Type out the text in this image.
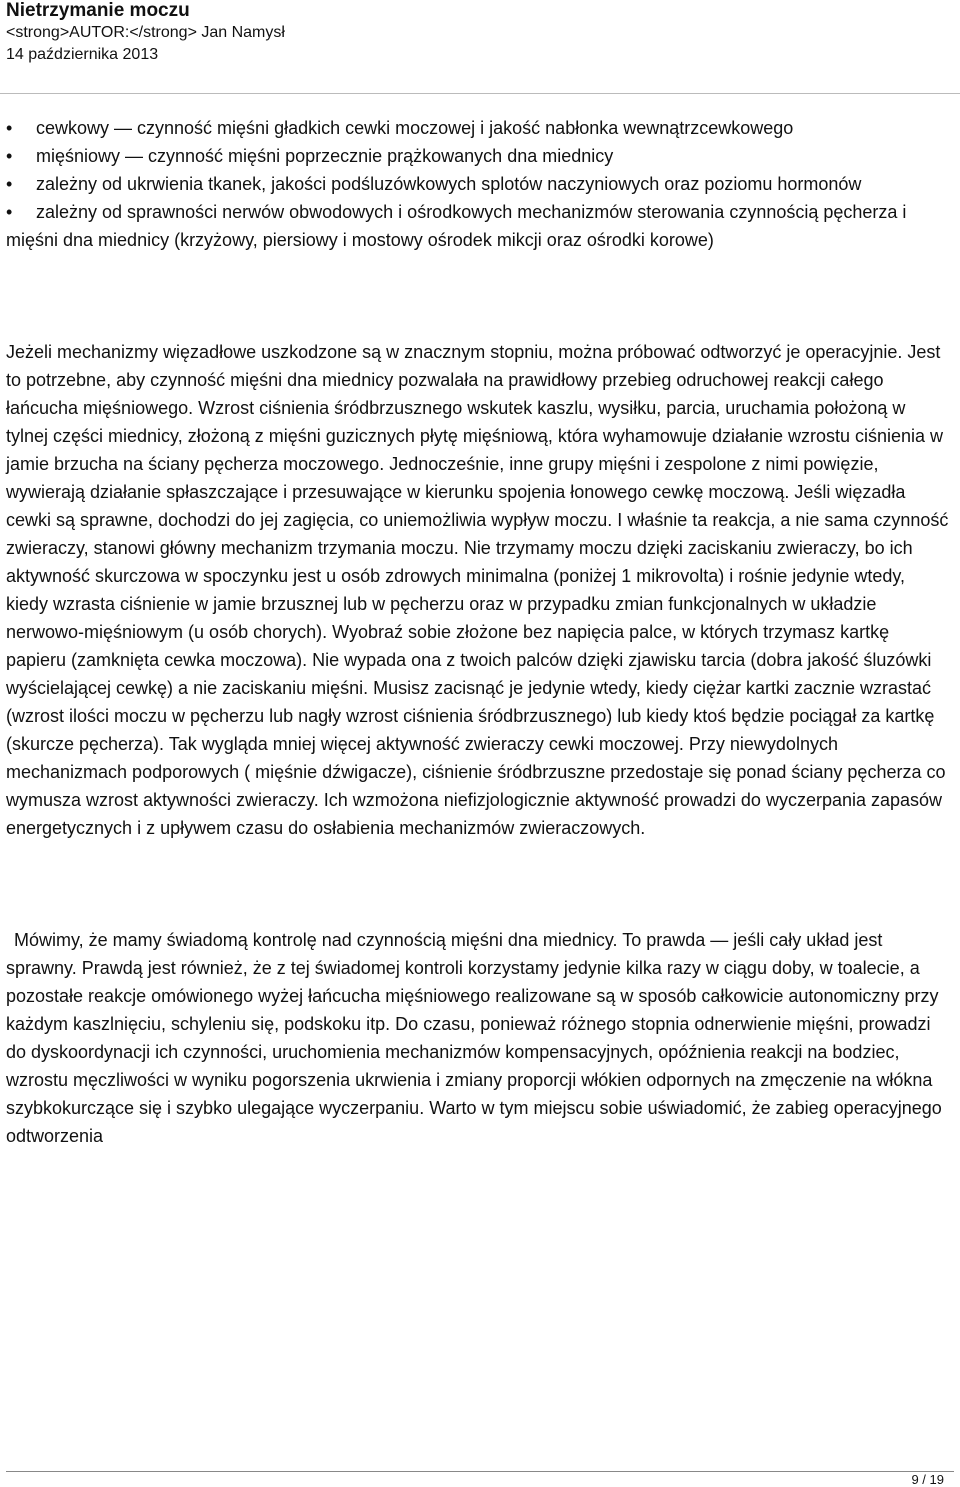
Nietrzymanie moczu
<strong>AUTOR:</strong> Jan Namysł
14 października 2013
•	cewkowy — czynność mięśni gładkich cewki moczowej i jakość nabłonka wewnątrzcewkowego
•	mięśniowy — czynność mięśni poprzecznie prążkowanych dna miednicy
•	zależny od ukrwienia tkanek, jakości podśluzówkowych splotów naczyniowych oraz poziomu hormonów
•	zależny od sprawności nerwów obwodowych i ośrodkowych mechanizmów sterowania czynnością pęcherza i mięśni dna miednicy (krzyżowy, piersiowy i mostowy ośrodek mikcji oraz ośrodki korowe)

Jeżeli mechanizmy więzadłowe uszkodzone są w znacznym stopniu, można próbować odtworzyć je operacyjnie. Jest to potrzebne, aby czynność mięśni dna miednicy pozwalała na prawidłowy przebieg odruchowej reakcji całego łańcucha mięśniowego. Wzrost ciśnienia śródbrzusznego wskutek kaszlu, wysiłku, parcia, uruchamia położoną w tylnej części miednicy, złożoną z mięśni guzicznych płytę mięśniową, która wyhamowuje działanie wzrostu ciśnienia w jamie brzucha na ściany pęcherza moczowego. Jednocześnie, inne grupy mięśni i zespolone z nimi powięzie, wywierają działanie spłaszczające i przesuwające w kierunku spojenia łonowego cewkę moczową. Jeśli więzadła cewki są sprawne, dochodzi do jej zagięcia, co uniemożliwia wypływ moczu. I właśnie ta reakcja, a nie sama czynność zwieraczy, stanowi główny mechanizm trzymania moczu. Nie trzymamy moczu dzięki zaciskaniu zwieraczy, bo ich aktywność skurczowa w spoczynku jest u osób zdrowych minimalna (poniżej 1 mikrovolta) i rośnie jedynie wtedy, kiedy wzrasta ciśnienie w jamie brzusznej lub w pęcherzu oraz w przypadku zmian funkcjonalnych w układzie nerwowo-mięśniowym (u osób chorych). Wyobraź sobie złożone bez napięcia palce, w których trzymasz kartkę papieru (zamknięta cewka moczowa). Nie wypada ona z twoich palców dzięki zjawisku tarcia (dobra jakość śluzówki wyścielającej cewkę) a nie zaciskaniu mięśni. Musisz zacisnąć je jedynie wtedy, kiedy ciężar kartki zacznie wzrastać (wzrost ilości moczu w pęcherzu lub nagły wzrost ciśnienia śródbrzusznego) lub kiedy ktoś będzie pociągał za kartkę (skurcze pęcherza). Tak wygląda mniej więcej aktywność zwieraczy cewki moczowej. Przy niewydolnych mechanizmach podporowych ( mięśnie dźwigacze), ciśnienie śródbrzuszne przedostaje się ponad ściany pęcherza co wymusza wzrost aktywności zwieraczy. Ich wzmożona niefizjologicznie aktywność prowadzi do wyczerpania zapasów energetycznych i z upływem czasu do osłabienia mechanizmów zwieraczowych.

Mówimy, że mamy świadomą kontrolę nad czynnością mięśni dna miednicy. To prawda — jeśli cały układ jest sprawny. Prawdą jest również, że z tej świadomej kontroli korzystamy jedynie kilka razy w ciągu doby, w toalecie, a pozostałe reakcje omówionego wyżej łańcucha mięśniowego realizowane są w sposób całkowicie autonomiczny przy każdym kaszlnięciu, schyleniu się, podskoku itp. Do czasu, ponieważ różnego stopnia odnerwienie mięśni, prowadzi do dyskoordynacji ich czynności, uruchomienia mechanizmów kompensacyjnych, opóźnienia reakcji na bodziec, wzrostu męczliwości w wyniku pogorszenia ukrwienia i zmiany proporcji włókien odpornych na zmęczenie na włókna szybkokurczące się i szybko ulegające wyczerpaniu. Warto w tym miejscu sobie uświadomić, że zabieg operacyjnego odtworzenia

9 / 19
